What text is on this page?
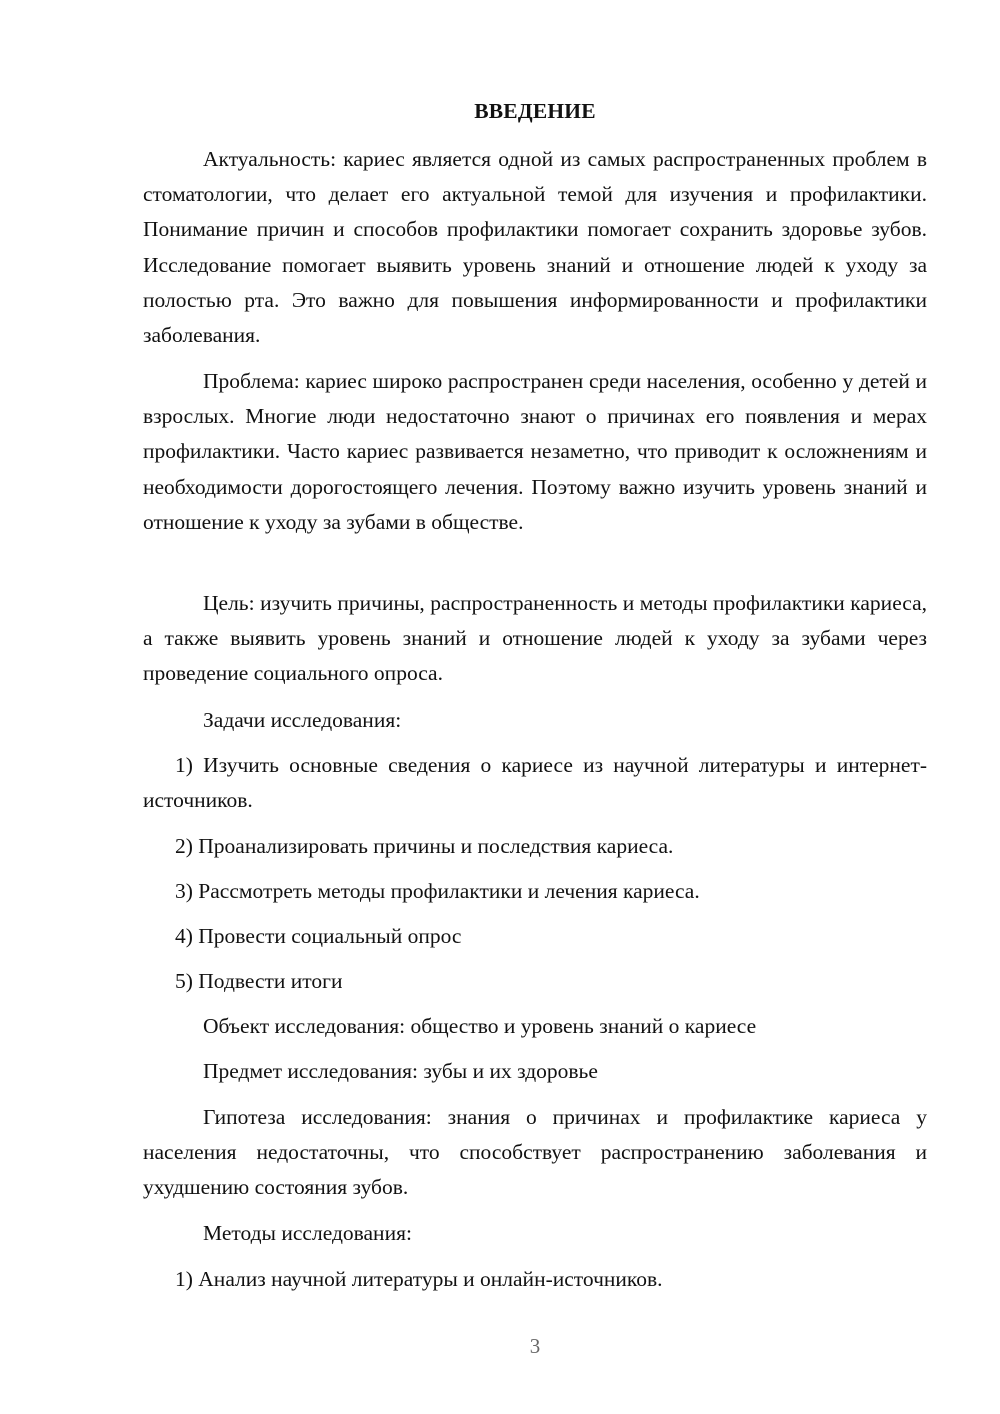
ВВЕДЕНИЕ

Актуальность: кариес является одной из самых распространенных проблем в стоматологии, что делает его актуальной темой для изучения и профилактики. Понимание причин и способов профилактики помогает сохранить здоровье зубов. Исследование помогает выявить уровень знаний и отношение людей к уходу за полостью рта. Это важно для повышения информированности и профилактики заболевания.

Проблема: кариес широко распространен среди населения, особенно у детей и взрослых. Многие люди недостаточно знают о причинах его появления и мерах профилактики. Часто кариес развивается незаметно, что приводит к осложнениям и необходимости дорогостоящего лечения. Поэтому важно изучить уровень знаний и отношение к уходу за зубами в обществе.

Цель: изучить причины, распространенность и методы профилактики кариеса, а также выявить уровень знаний и отношение людей к уходу за зубами через проведение социального опроса.

Задачи исследования:

1) Изучить основные сведения о кариесе из научной литературы и интернет-источников.

2) Проанализировать причины и последствия кариеса.

3) Рассмотреть методы профилактики и лечения кариеса.

4) Провести социальный опрос

5) Подвести итоги

Объект исследования: общество и уровень знаний о кариесе

Предмет исследования: зубы и их здоровье

Гипотеза исследования: знания о причинах и профилактике кариеса у населения недостаточны, что способствует распространению заболевания и ухудшению состояния зубов.

Методы исследования:

1) Анализ научной литературы и онлайн-источников.

3
